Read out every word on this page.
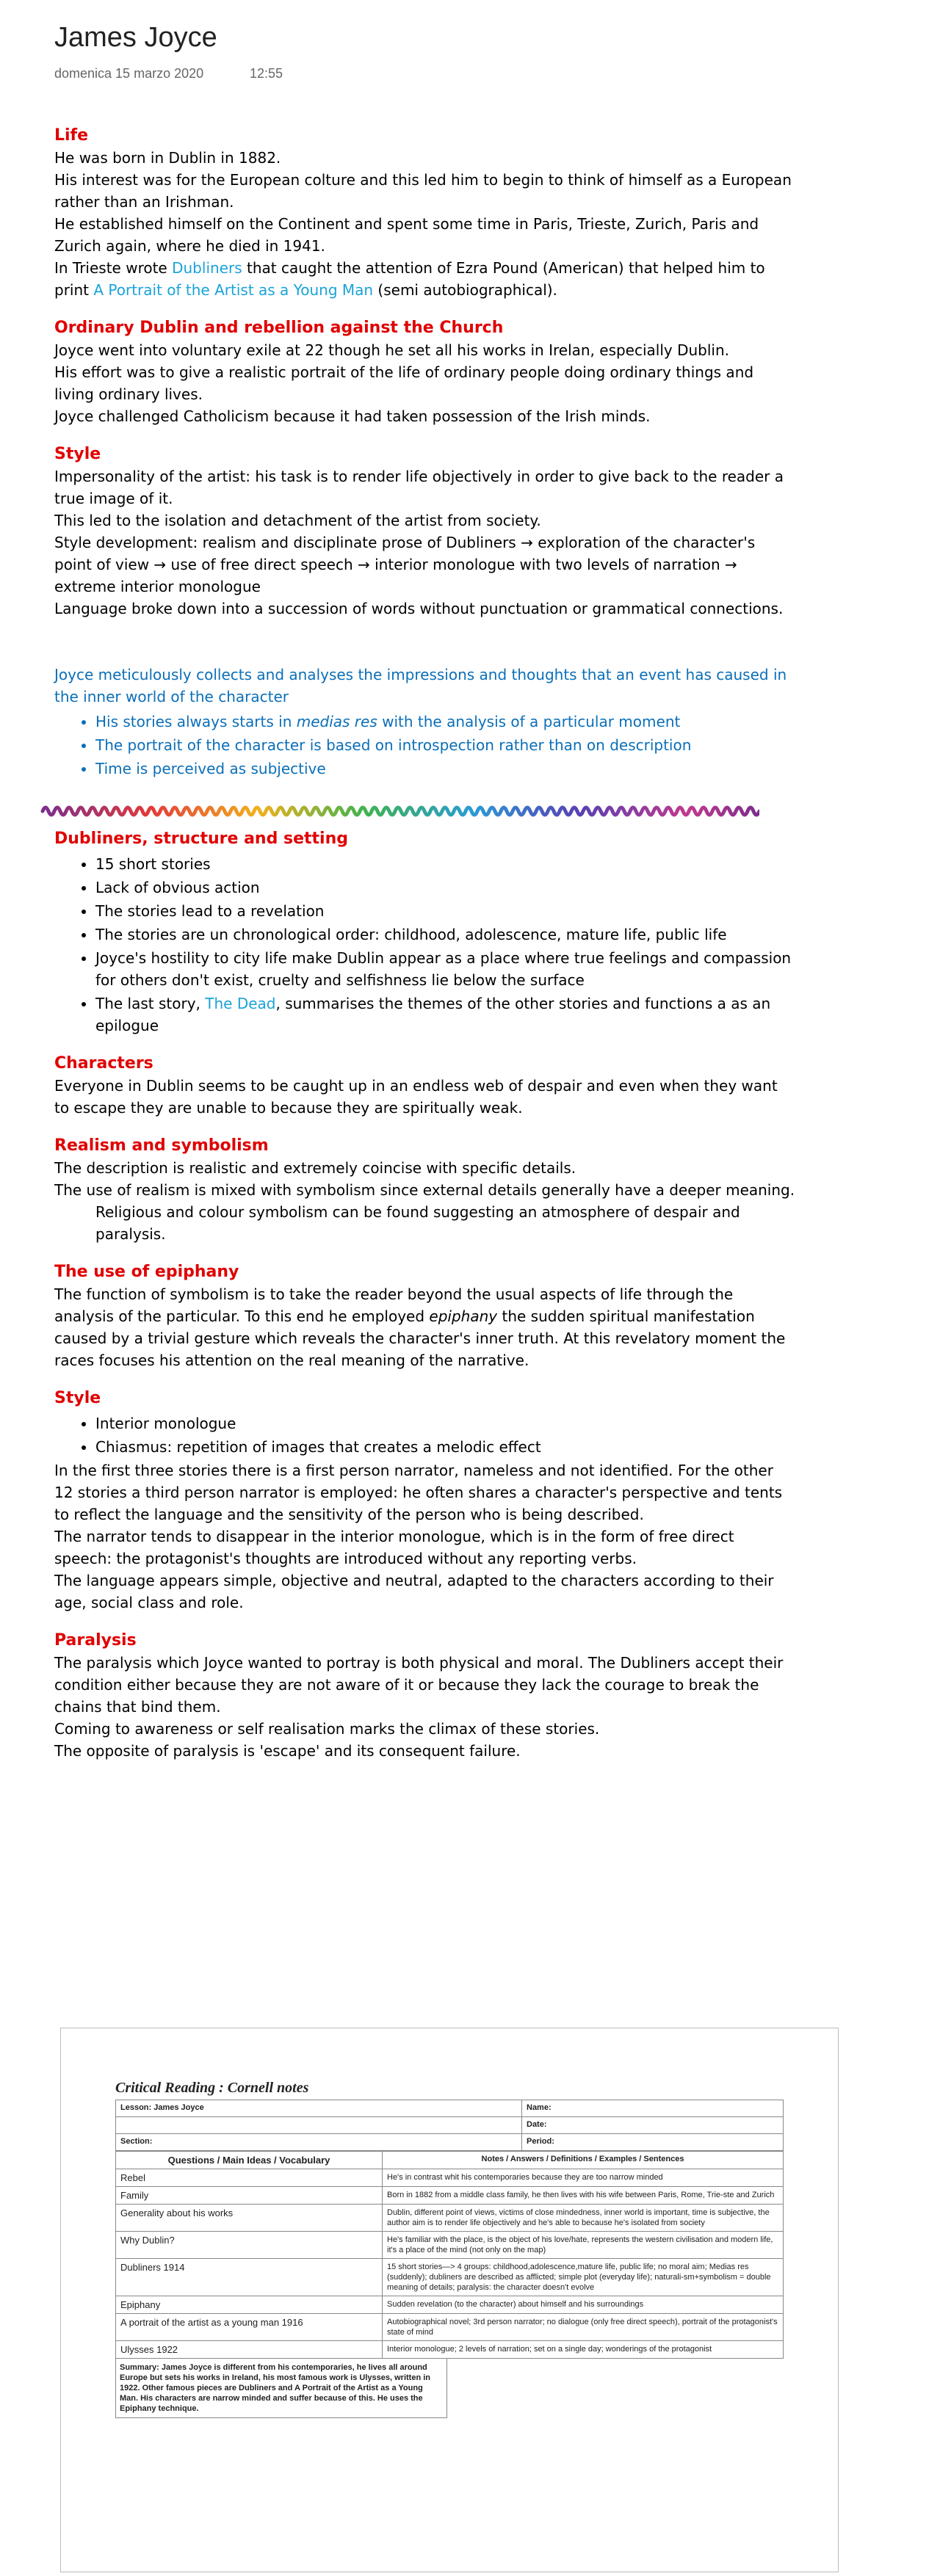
James Joyce
domenica 15 marzo 2020	12:55
Life
He was born in Dublin in 1882.
His interest was for the European colture and this led him to begin to think of himself as a European rather than an Irishman.
He established himself on the Continent and spent some time in Paris, Trieste, Zurich, Paris and Zurich again, where he died in 1941.
In Trieste wrote Dubliners that caught the attention of Ezra Pound (American) that helped him to print A Portrait of the Artist as a Young Man (semi autobiographical).
Ordinary Dublin and rebellion against the Church
Joyce went into voluntary exile at 22 though he set all his works in Irelan, especially Dublin.
His effort was to give a realistic portrait of the life of ordinary people doing ordinary things and living ordinary lives.
Joyce challenged Catholicism because it had taken possession of the Irish minds.
Style
Impersonality of the artist: his task is to render life objectively in order to give back to the reader a true image of it.
This led to the isolation and detachment of the artist from society.
Style development: realism and disciplinate prose of Dubliners → exploration of the character's point of view → use of free direct speech → interior monologue with two levels of narration → extreme interior monologue
Language broke down into a succession of words without punctuation or grammatical connections.
Joyce meticulously collects and analyses the impressions and thoughts that an event has caused in the inner world of the character
• His stories always starts in medias res with the analysis of a particular moment
• The portrait of the character is based on introspection rather than on description
• Time is perceived as subjective
Dubliners, structure and setting
• 15 short stories
• Lack of obvious action
• The stories lead to a revelation
• The stories are un chronological order: childhood, adolescence, mature life, public life
• Joyce's hostility to city life make Dublin appear as a place where true feelings and compassion for others don't exist, cruelty and selfishness lie below the surface
• The last story, The Dead, summarises the themes of the other stories and functions a as an epilogue
Characters
Everyone in Dublin seems to be caught up in an endless web of despair and even when they want to escape they are unable to because they are spiritually weak.
Realism and symbolism
The description is realistic and extremely coincise with specific details.
The use of realism is mixed with symbolism since external details generally have a deeper meaning.
Religious and colour symbolism can be found suggesting an atmosphere of despair and paralysis.
The use of epiphany
The function of symbolism is to take the reader beyond the usual aspects of life through the analysis of the particular. To this end he employed epiphany the sudden spiritual manifestation caused by a trivial gesture which reveals the character's inner truth. At this revelatory moment the races focuses his attention on the real meaning of the narrative.
Style
• Interior monologue
• Chiasmus: repetition of images that creates a melodic effect
In the first three stories there is a first person narrator, nameless and not identified. For the other 12 stories a third person narrator is employed: he often shares a character's perspective and tents to reflect the language and the sensitivity of the person who is being described.
The narrator tends to disappear in the interior monologue, which is in the form of free direct speech: the protagonist's thoughts are introduced without any reporting verbs.
The language appears simple, objective and neutral, adapted to the characters according to their age, social class and role.
Paralysis
The paralysis which Joyce wanted to portray is both physical and moral. The Dubliners accept their condition either because they are not aware of it or because they lack the courage to break the chains that bind them.
Coming to awareness or self realisation marks the climax of these stories.
The opposite of paralysis is 'escape' and its consequent failure.
Critical Reading : Cornell notes
Lesson: James Joyce	Name:
	Date:
Section:	Period:
Questions / Main Ideas / Vocabulary	Notes / Answers / Definitions / Examples / Sentences
Rebel	He's in contrast whit his contemporaries because they are too narrow minded
Family	Born in 1882 from a middle class family, he then lives with his wife between Paris, Rome, Trie-ste and Zurich
Generality about his works	Dublin, different point of views, victims of close mindedness, inner world is important, time is subjective, the author aim is to render life objectively and he's able to because he's isolated from society
Why Dublin?	He's familiar with the place, is the object of his love/hate, represents the western civilisation and modern life, it's a place of the mind (not only on the map)
Dubliners 1914	15 short stories—> 4 groups: childhood,adolescence,mature life, public life; no moral aim; Medias res (suddenly); dubliners are described as afflicted; simple plot (everyday life); naturali-sm+symbolism = double meaning of details; paralysis: the character doesn't evolve
Epiphany	Sudden revelation (to the character) about himself and his surroundings
A portrait of the artist as a young man 1916	Autobiographical novel; 3rd person narrator; no dialogue (only free direct speech), portrait of the protagonist's state of mind
Ulysses 1922	Interior monologue; 2 levels of narration; set on a single day; wonderings of the protagonist
Summary: James Joyce is different from his contemporaries, he lives all around Europe but sets his works in Ireland, his most famous work is Ulysses, written in 1922. Other famous pieces are Dubliners and A Portrait of the Artist as a Young Man. His characters are narrow minded and suffer because of this. He uses the Epiphany technique.
